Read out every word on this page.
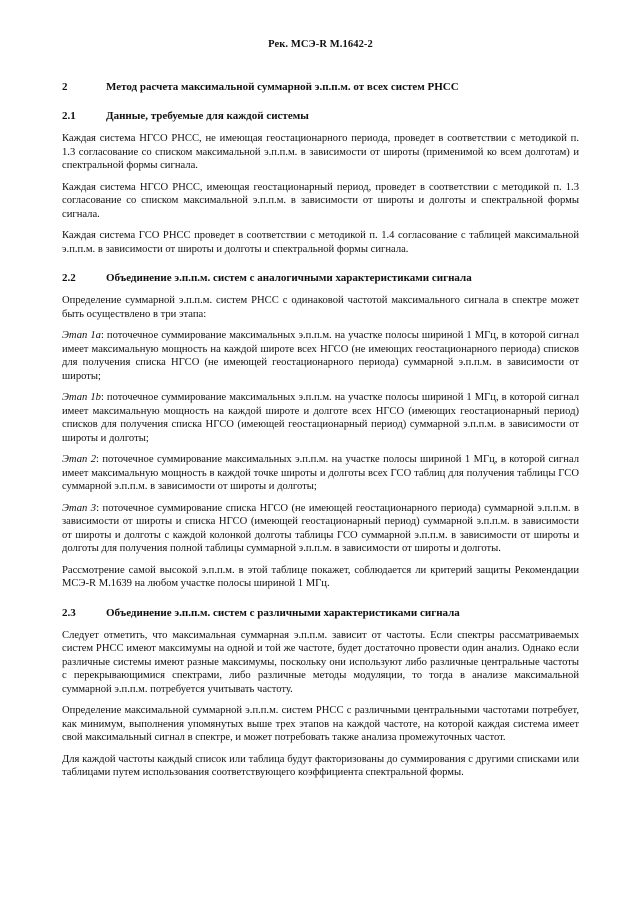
Рек. МСЭ-R M.1642-2
2	Метод расчета максимальной суммарной э.п.п.м. от всех систем РНСС
2.1	Данные, требуемые для каждой системы

Каждая система НГСО РНСС, не имеющая геостационарного периода, проведет в соответствии с методикой п. 1.3 согласование со списком максимальной э.п.п.м. в зависимости от широты (применимой ко всем долготам) и спектральной формы сигнала.

Каждая система НГСО РНСС, имеющая геостационарный период, проведет в соответствии с методикой п. 1.3 согласование со списком максимальной э.п.п.м. в зависимости от широты и долготы и спектральной формы сигнала.

Каждая система ГСО РНСС проведет в соответствии с методикой п. 1.4 согласование с таблицей максимальной э.п.п.м. в зависимости от широты и долготы и спектральной формы сигнала.

2.2	Объединение э.п.п.м. систем с аналогичными характеристиками сигнала

Определение суммарной э.п.п.м. систем РНСС с одинаковой частотой максимального сигнала в спектре может быть осуществлено в три этапа:

Этап 1a: поточечное суммирование максимальных э.п.п.м. на участке полосы шириной 1 МГц, в которой сигнал имеет максимальную мощность на каждой широте всех НГСО (не имеющих геостационарного периода) списков для получения списка НГСО (не имеющей геостационарного периода) суммарной э.п.п.м. в зависимости от широты;

Этап 1b: поточечное суммирование максимальных э.п.п.м. на участке полосы шириной 1 МГц, в которой сигнал имеет максимальную мощность на каждой широте и долготе всех НГСО (имеющих геостационарный период) списков для получения списка НГСО (имеющей геостационарный период) суммарной э.п.п.м. в зависимости от широты и долготы;

Этап 2: поточечное суммирование максимальных э.п.п.м. на участке полосы шириной 1 МГц, в которой сигнал имеет максимальную мощность в каждой точке широты и долготы всех ГСО таблиц для получения таблицы ГСО суммарной э.п.п.м. в зависимости от широты и долготы;

Этап 3: поточечное суммирование списка НГСО (не имеющей геостационарного периода) суммарной э.п.п.м. в зависимости от широты и списка НГСО (имеющей геостационарный период) суммарной э.п.п.м. в зависимости от широты и долготы с каждой колонкой долготы таблицы ГСО суммарной э.п.п.м. в зависимости от широты и долготы для получения полной таблицы суммарной э.п.п.м. в зависимости от широты и долготы.

Рассмотрение самой высокой э.п.п.м. в этой таблице покажет, соблюдается ли критерий защиты Рекомендации МСЭ-R M.1639 на любом участке полосы шириной 1 МГц.

2.3	Объединение э.п.п.м. систем с различными характеристиками сигнала

Следует отметить, что максимальная суммарная э.п.п.м. зависит от частоты. Если спектры рассматриваемых систем РНСС имеют максимумы на одной и той же частоте, будет достаточно провести один анализ. Однако если различные системы имеют разные максимумы, поскольку они используют либо различные центральные частоты с перекрывающимися спектрами, либо различные методы модуляции, то тогда в анализе максимальной суммарной э.п.п.м. потребуется учитывать частоту.

Определение максимальной суммарной э.п.п.м. систем РНСС с различными центральными частотами потребует, как минимум, выполнения упомянутых выше трех этапов на каждой частоте, на которой каждая система имеет свой максимальный сигнал в спектре, и может потребовать также анализа промежуточных частот.

Для каждой частоты каждый список или таблица будут факторизованы до суммирования с другими списками или таблицами путем использования соответствующего коэффициента спектральной формы.
